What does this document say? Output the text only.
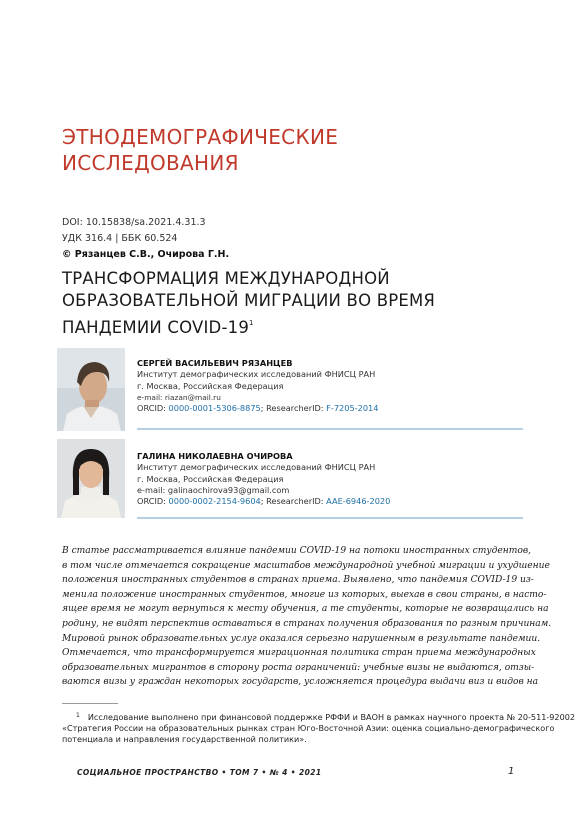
ЭТНОДЕМОГРАФИЧЕСКИЕ
ИССЛЕДОВАНИЯ
DOI: 10.15838/sa.2021.4.31.3
УДК 316.4 | ББК 60.524
© Рязанцев С.В., Очирова Г.Н.
ТРАНСФОРМАЦИЯ МЕЖДУНАРОДНОЙ
ОБРАЗОВАТЕЛЬНОЙ МИГРАЦИИ ВО ВРЕМЯ
ПАНДЕМИИ COVID-$19^1$
СЕРГЕЙ ВАСИЛЬЕВИЧ РЯЗАНЦЕВ
Институт демографических исследований ФНИСЦ РАН
г. Москва, Российская Федерация
e-mail: riazan@mail.ru
ORCID: 0000-0001-5306-8875; ResearcherID: F-7205-2014
ГАЛИНА НИКОЛАЕВНА ОЧИРОВА
Институт демографических исследований ФНИСЦ РАН
г. Москва, Российская Федерация
e-mail: galinaochirova93@gmail.com
ORCID: 0000-0002-2154-9604; ResearcherID: AAE-6946-2020
В статье рассматривается влияние пандемии COVID-19 на потоки иностранных студентов,
в том числе отмечается сокращение масштабов международной учебной миграции и ухудшение
положения иностранных студентов в странах приема. Выявлено, что пандемия COVID-19 из-
менила положение иностранных студентов, многие из которых, выехав в свои страны, в насто-
ящее время не могут вернуться к месту обучения, а те студенты, которые не возвращались на
родину, не видят перспектив оставаться в странах получения образования по разным причинам.
Мировой рынок образовательных услуг оказался серьезно нарушенным в результате пандемии.
Отмечается, что трансформируется миграционная политика стран приема международных
образовательных мигрантов в сторону роста ограничений: учебные визы не выдаются, отзы-
ваются визы у граждан некоторых государств, усложняется процедура выдачи виз и видов на
$^1$ Исследование выполнено при финансовой поддержке РФФИ и ВАОН в рамках научного проекта № 20-511-92002
«Стратегия России на образовательных рынках стран Юго-Восточной Азии: оценка социально-демографического
потенциала и направления государственной политики».
СОЦИАЛЬНОЕ ПРОСТРАНСТВО • ТОМ 7 • № 4 • 2021	1
